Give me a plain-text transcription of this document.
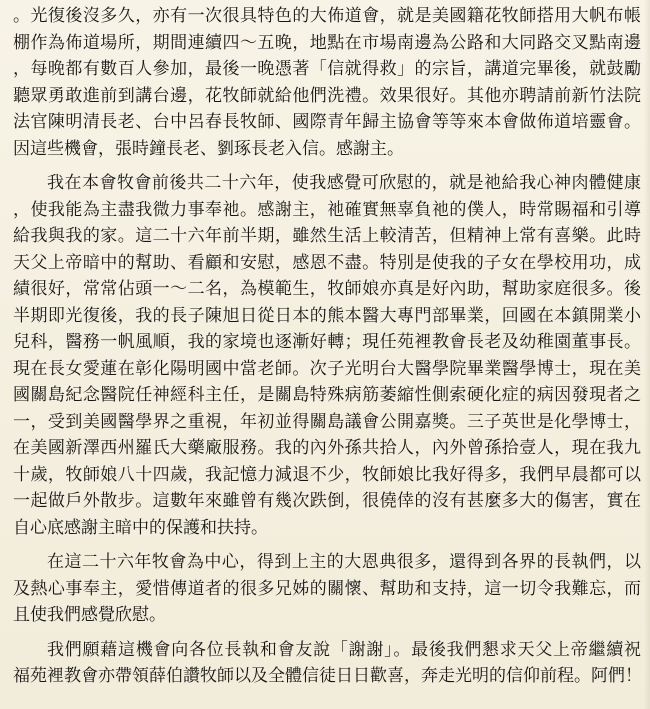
。光復後沒多久，亦有一次很具特色的大佈道會，就是美國籍花牧師搭用大帆布帳
棚作為佈道場所，期間連續四～五晚，地點在市場南邊為公路和大同路交叉點南邊
，每晚都有數百人參加，最後一晚憑著「信就得救」的宗旨，講道完畢後，就鼓勵
聽眾勇敢進前到講台邊，花牧師就給他們洗禮。效果很好。其他亦聘請前新竹法院
法官陳明清長老、台中呂春長牧師、國際青年歸主協會等等來本會做佈道培靈會。
因這些機會，張時鐘長老、劉琢長老入信。感謝主。
我在本會牧會前後共二十六年，使我感覺可欣慰的，就是祂給我心神肉體健康
，使我能為主盡我微力事奉祂。感謝主，祂確實無辜負祂的僕人，時常賜福和引導
給我與我的家。這二十六年前半期，雖然生活上較清苦，但精神上常有喜樂。此時
天父上帝暗中的幫助、看顧和安慰，感恩不盡。特別是使我的子女在學校用功，成
績很好，常常佔頭一～二名，為模範生，牧師娘亦真是好內助，幫助家庭很多。後
半期即光復後，我的長子陳旭日從日本的熊本醫大專門部畢業，回國在本鎮開業小
兒科，醫務一帆風順，我的家境也逐漸好轉；現任苑裡教會長老及幼稚園董事長。
現在長女愛蓮在彰化陽明國中當老師。次子光明台大醫學院畢業醫學博士，現在美
國關島紀念醫院任神經科主任，是關島特殊病筋萎縮性側索硬化症的病因發現者之
一，受到美國醫學界之重視，年初並得關島議會公開嘉獎。三子英世是化學博士，
在美國新澤西州羅氏大藥廠服務。我的內外孫共拾人，內外曾孫拾壹人，現在我九
十歲，牧師娘八十四歲，我記憶力減退不少，牧師娘比我好得多，我們早晨都可以
一起做戶外散步。這數年來雖曾有幾次跌倒，很僥倖的沒有甚麼多大的傷害，實在
自心底感謝主暗中的保護和扶持。
在這二十六年牧會為中心，得到上主的大恩典很多，還得到各界的長執們，以
及熱心事奉主，愛惜傳道者的很多兄姊的關懷、幫助和支持，這一切令我難忘，而
且使我們感覺欣慰。
我們願藉這機會向各位長執和會友說「謝謝」。最後我們懇求天父上帝繼續祝
福苑裡教會亦帶領薛伯讚牧師以及全體信徒日日歡喜，奔走光明的信仰前程。阿們！
